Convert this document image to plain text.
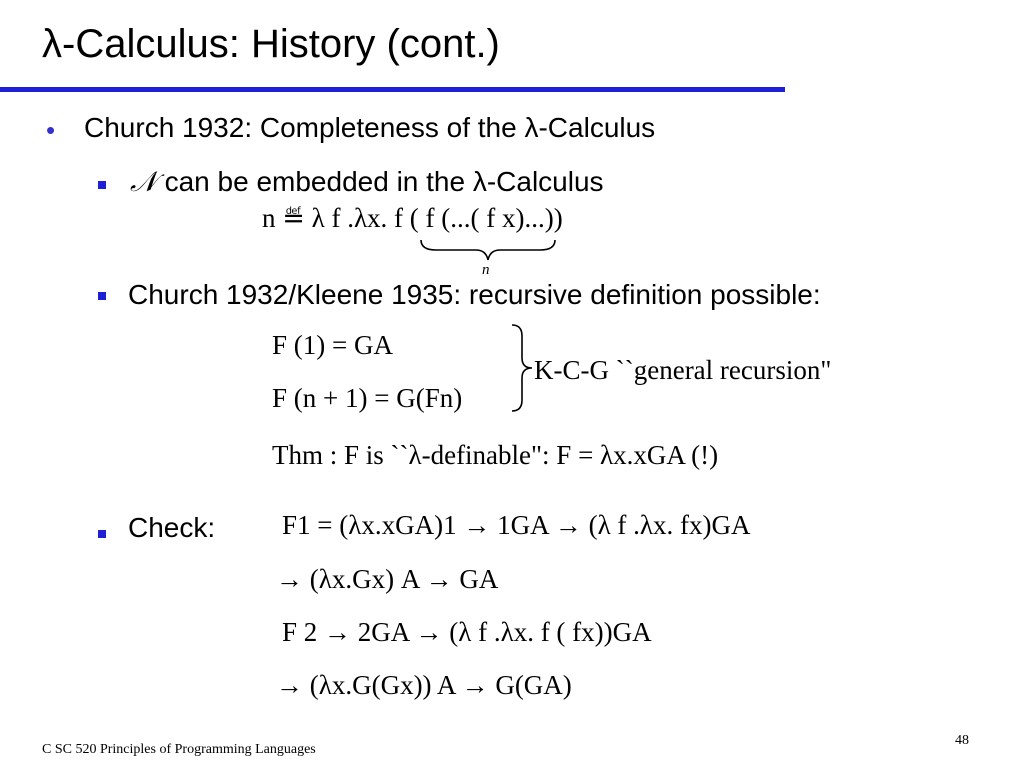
λ-Calculus: History (cont.)
• Church 1932: Completeness of the λ-Calculus
𝒩 can be embedded in the λ-Calculus
n ≝ λ f .λx. f ( f (...( f x)...))
n
Church 1932/Kleene 1935: recursive definition possible:
F (1) = GA
F (n + 1) = G(Fn)
K-C-G ``general recursion"
Thm : F is ``λ-definable": F = λx.xGA (!)
Check: F1 = (λx.xGA)1 → 1GA → (λ f .λx. fx)GA
→ (λx.Gx) A → GA
F 2 → 2GA → (λ f .λx. f ( fx))GA
→ (λx.G(Gx)) A → G(GA)
C SC 520 Principles of Programming Languages
48
